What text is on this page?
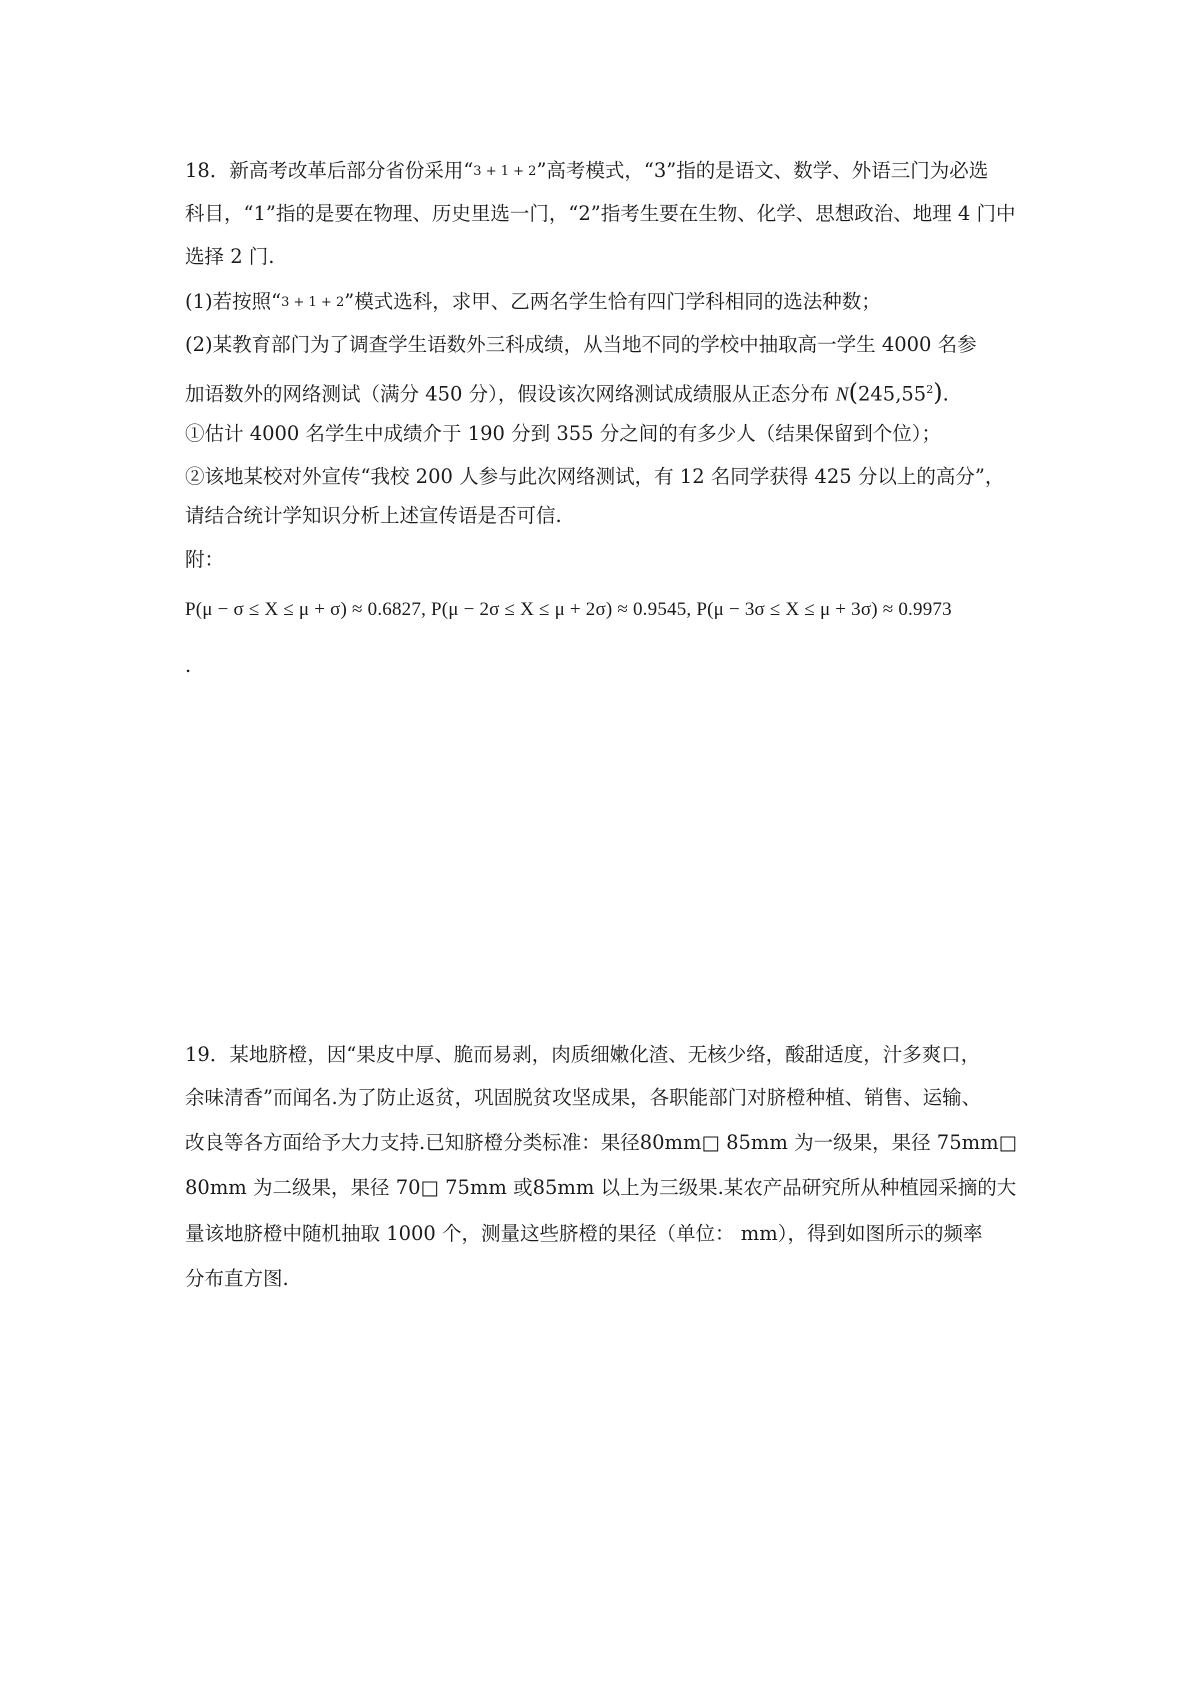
18．新高考改革后部分省份采用“3 + 1 + 2”高考模式，“3”指的是语文、数学、外语三门为必选
科目，“1”指的是要在物理、历史里选一门，“2”指考生要在生物、化学、思想政治、地理 4 门中
选择 2 门.
(1)若按照“3 + 1 + 2”模式选科，求甲、乙两名学生恰有四门学科相同的选法种数；
(2)某教育部门为了调查学生语数外三科成绩，从当地不同的学校中抽取高一学生 4000 名参
加语数外的网络测试（满分 450 分），假设该次网络测试成绩服从正态分布 N(245,55$^2$).
①估计 4000 名学生中成绩介于 190 分到 355 分之间的有多少人（结果保留到个位）；
②该地某校对外宣传“我校 200 人参与此次网络测试，有 12 名同学获得 425 分以上的高分”，
请结合统计学知识分析上述宣传语是否可信.
附：
P(μ − σ ≤ X ≤ μ + σ) ≈ 0.6827, P(μ − 2σ ≤ X ≤ μ + 2σ) ≈ 0.9545, P(μ − 3σ ≤ X ≤ μ + 3σ) ≈ 0.9973
.
19．某地脐橙，因“果皮中厚、脆而易剥，肉质细嫩化渣、无核少络，酸甜适度，汁多爽口，
余味清香”而闻名.为了防止返贫，巩固脱贫攻坚成果，各职能部门对脐橙种植、销售、运输、
改良等各方面给予大力支持.已知脐橙分类标准：果径80mm□ 85mm 为一级果，果径 75mm□
80mm 为二级果，果径 70□ 75mm 或85mm 以上为三级果.某农产品研究所从种植园采摘的大
量该地脐橙中随机抽取 1000 个，测量这些脐橙的果径（单位： mm），得到如图所示的频率
分布直方图.
